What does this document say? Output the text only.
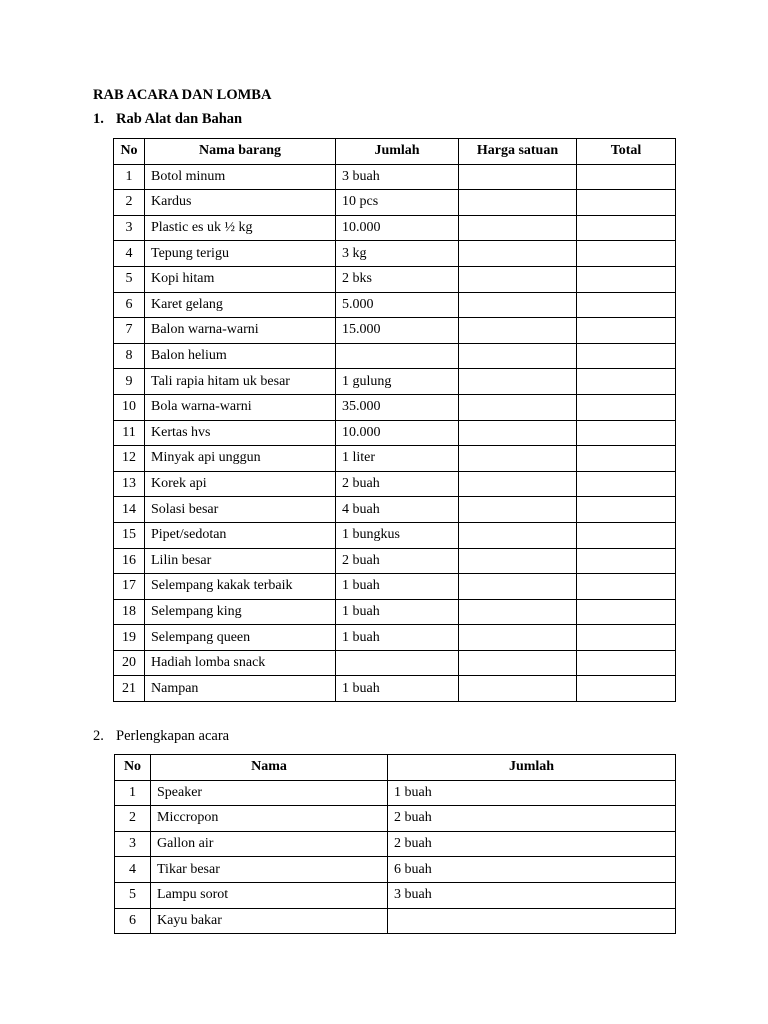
RAB ACARA DAN LOMBA
1. Rab Alat dan Bahan
No	Nama barang	Jumlah	Harga satuan	Total
1	Botol minum	3 buah		
2	Kardus	10 pcs		
3	Plastic es uk ½ kg	10.000		
4	Tepung terigu	3 kg		
5	Kopi hitam	2 bks		
6	Karet gelang	5.000		
7	Balon warna-warni	15.000		
8	Balon helium			
9	Tali rapia hitam uk besar	1 gulung		
10	Bola warna-warni	35.000		
11	Kertas hvs	10.000		
12	Minyak api unggun	1 liter		
13	Korek api	2 buah		
14	Solasi besar	4 buah		
15	Pipet/sedotan	1 bungkus		
16	Lilin besar	2 buah		
17	Selempang kakak terbaik	1 buah		
18	Selempang king	1 buah		
19	Selempang queen	1 buah		
20	Hadiah lomba snack			
21	Nampan	1 buah		
2. Perlengkapan acara
No	Nama	Jumlah
1	Speaker	1 buah
2	Miccropon	2 buah
3	Gallon air	2 buah
4	Tikar besar	6 buah
5	Lampu sorot	3 buah
6	Kayu bakar	
